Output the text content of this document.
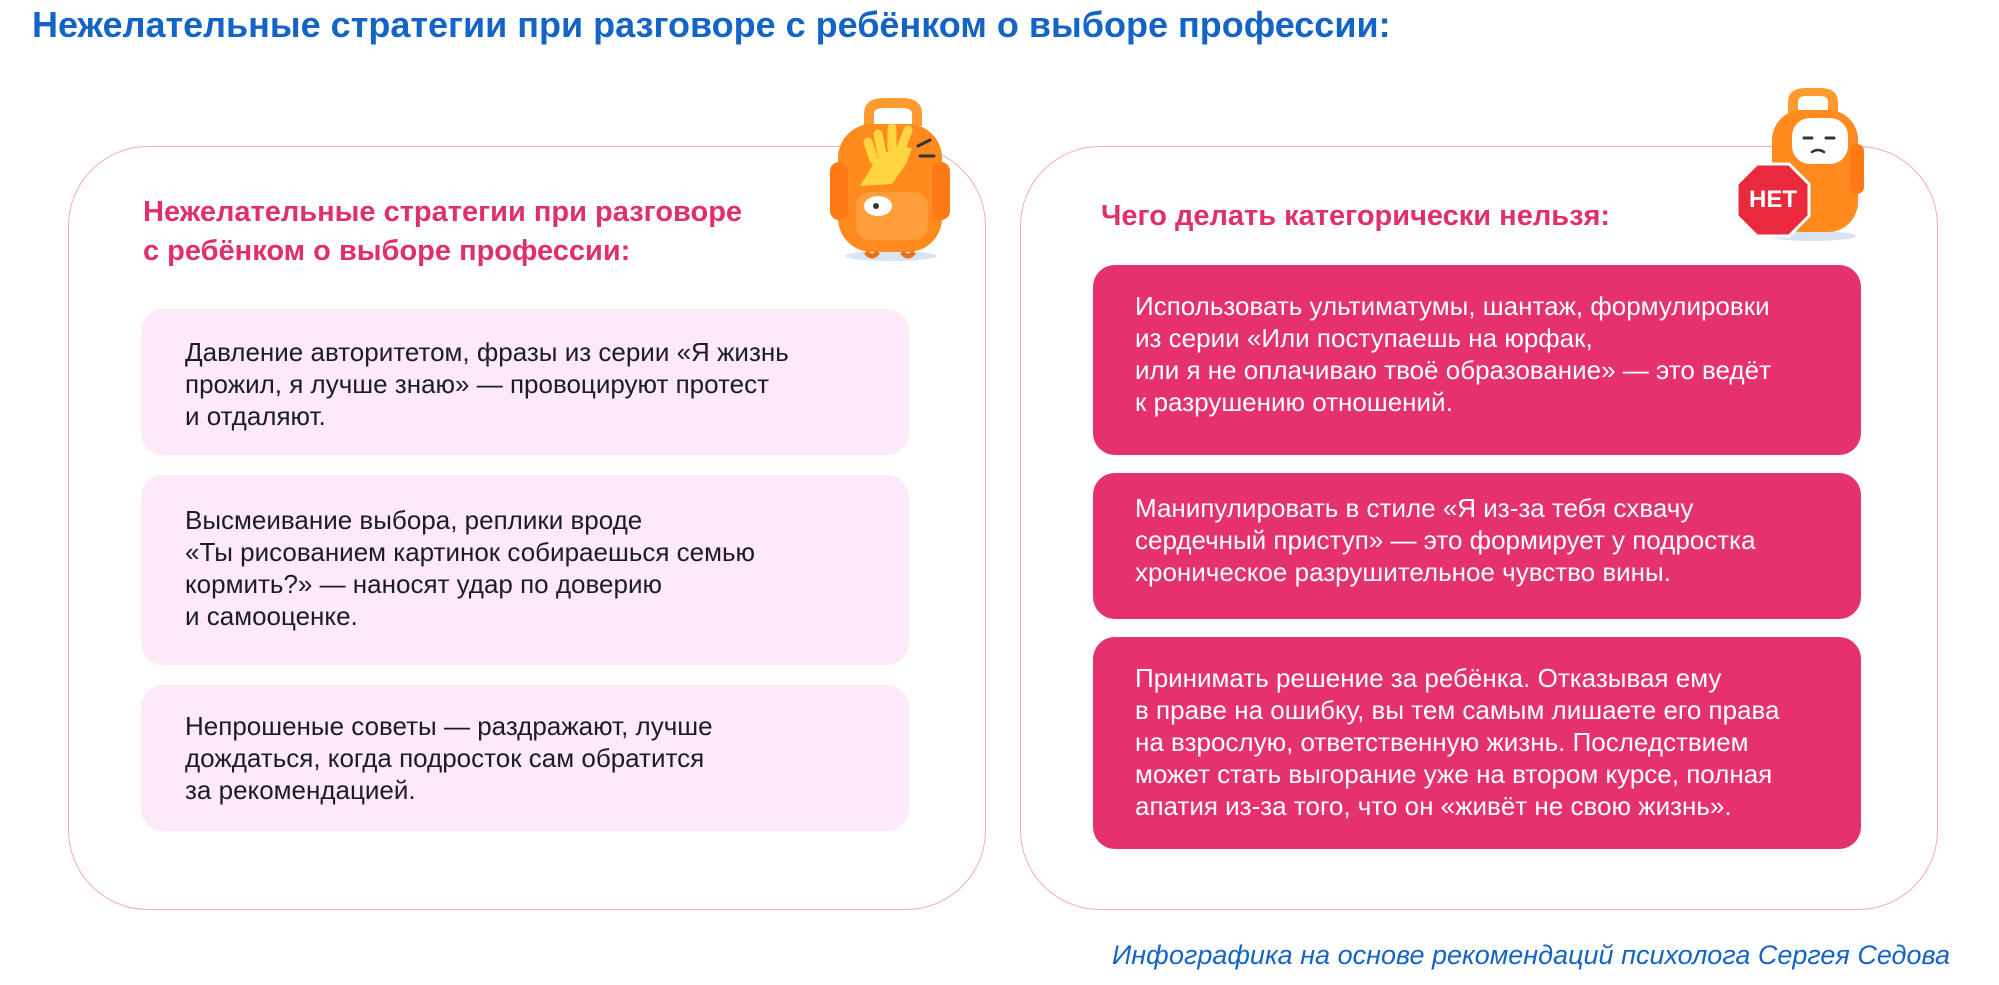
Нежелательные стратегии при разговоре с ребёнком о выборе профессии:
Нежелательные стратегии при разговоре
с ребёнком о выборе профессии:
Давление авторитетом, фразы из серии «Я жизнь
прожил, я лучше знаю» — провоцируют протест
и отдаляют.
Высмеивание выбора, реплики вроде
«Ты рисованием картинок собираешься семью
кормить?» — наносят удар по доверию
и самооценке.
Непрошеные советы — раздражают, лучше
дождаться, когда подросток сам обратится
за рекомендацией.
Чего делать категорически нельзя:
Использовать ультиматумы, шантаж, формулировки
из серии «Или поступаешь на юрфак,
или я не оплачиваю твоё образование» — это ведёт
к разрушению отношений.
Манипулировать в стиле «Я из-за тебя схвачу
сердечный приступ» — это формирует у подростка
хроническое разрушительное чувство вины.
Принимать решение за ребёнка. Отказывая ему
в праве на ошибку, вы тем самым лишаете его права
на взрослую, ответственную жизнь. Последствием
может стать выгорание уже на втором курсе, полная
апатия из-за того, что он «живёт не свою жизнь».
НЕТ
Инфографика на основе рекомендаций психолога Сергея Седова
